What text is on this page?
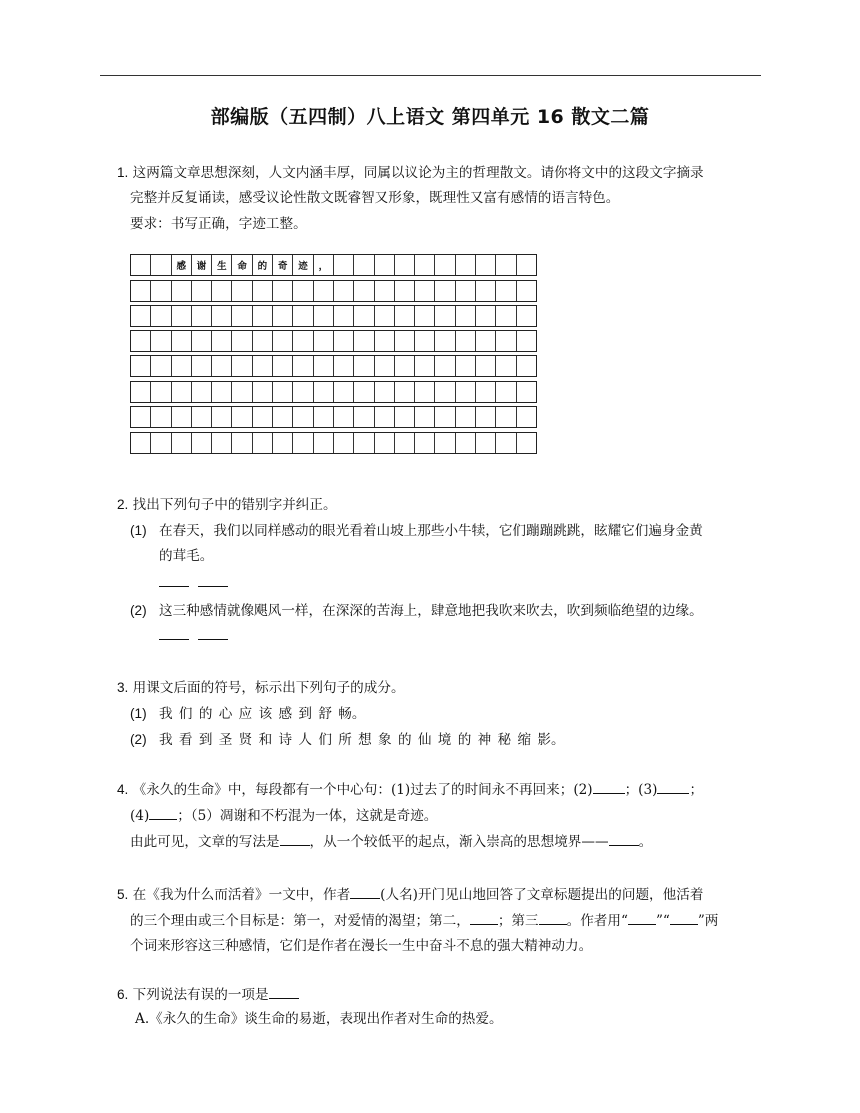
部编版（五四制）八上语文 第四单元 16 散文二篇
1. 这两篇文章思想深刻，人文内涵丰厚，同属以议论为主的哲理散文。请你将文中的这段文字摘录
完整并反复诵读，感受议论性散文既睿智又形象，既理性又富有感情的语言特色。
要求：书写正确，字迹工整。
感	谢	生	命	的	奇	迹	，
2. 找出下列句子中的错别字并纠正。
(1) 在春天，我们以同样感动的眼光看着山坡上那些小牛犊，它们蹦蹦跳跳，眩耀它们遍身金黄
的茸毛。

(2) 这三种感情就像飓风一样，在深深的苦海上，肆意地把我吹来吹去，吹到频临绝望的边缘。

3. 用课文后面的符号，标示出下列句子的成分。
(1) 我 们 的 心 应 该 感 到 舒 畅。
(2) 我 看 到 圣 贤 和 诗 人 们 所 想 象 的 仙 境 的 神 秘 缩 影。
4. 《永久的生命》中，每段都有一个中心句：(1)过去了的时间永不再回来；(2) ；(3) ；
(4) ；（5）凋谢和不朽混为一体，这就是奇迹。
由此可见，文章的写法是 ，从一个较低平的起点，渐入崇高的思想境界—— 。
5. 在《我为什么而活着》一文中，作者 (人名)开门见山地回答了文章标题提出的问题，他活着
的三个理由或三个目标是：第一，对爱情的渴望；第二， ；第三 。作者用“ ”“ ”两
个词来形容这三种感情，它们是作者在漫长一生中奋斗不息的强大精神动力。
6. 下列说法有误的一项是
A.《永久的生命》谈生命的易逝，表现出作者对生命的热爱。
